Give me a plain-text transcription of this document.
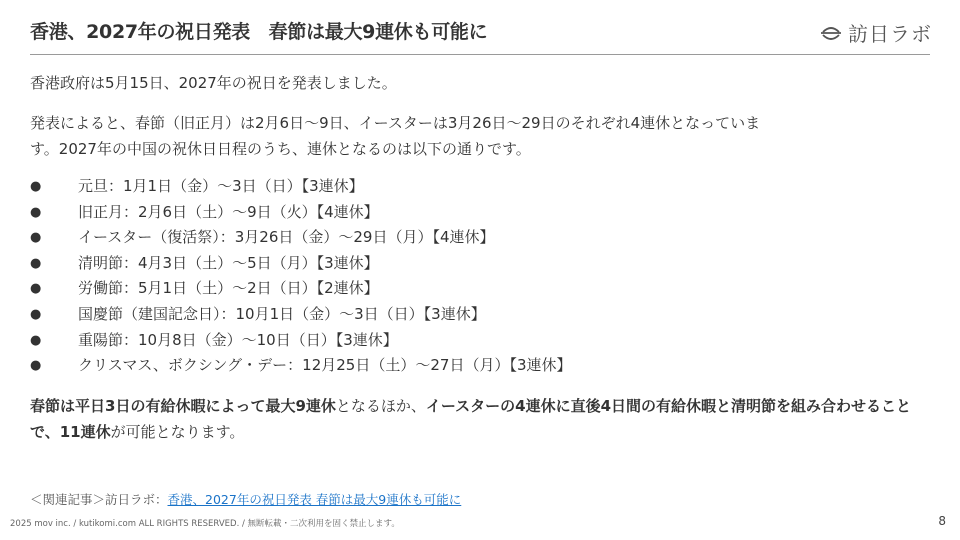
香港、2027年の祝日発表　春節は最大9連休も可能に	訪日ラボ

香港政府は5月15日、2027年の祝日を発表しました。

発表によると、春節（旧正月）は2月6日〜9日、イースターは3月26日〜29日のそれぞれ4連休となっていま

す。2027年の中国の祝休日日程のうち、連休となるのは以下の通りです。

●	元旦：1月1日（金）〜3日（日）【3連休】
●	旧正月：2月6日（土）〜9日（火）【4連休】
●	イースター（復活祭）：3月26日（金）〜29日（月）【4連休】
●	清明節：4月3日（土）〜5日（月）【3連休】
●	労働節：5月1日（土）〜2日（日）【2連休】
●	国慶節（建国記念日）：10月1日（金）〜3日（日）【3連休】
●	重陽節：10月8日（金）〜10日（日）【3連休】
●	クリスマス、ボクシング・デー：12月25日（土）〜27日（月）【3連休】

春節は平日3日の有給休暇によって最大9連休となるほか、イースターの4連休に直後4日間の有給休暇と清明節を組み合わせることで、11連休が可能となります。

＜関連記事＞訪日ラボ：香港、2027年の祝日発表 春節は最大9連休も可能に
2025 mov inc. / kutikomi.com ALL RIGHTS RESERVED. / 無断転載・二次利用を固く禁止します。	8
